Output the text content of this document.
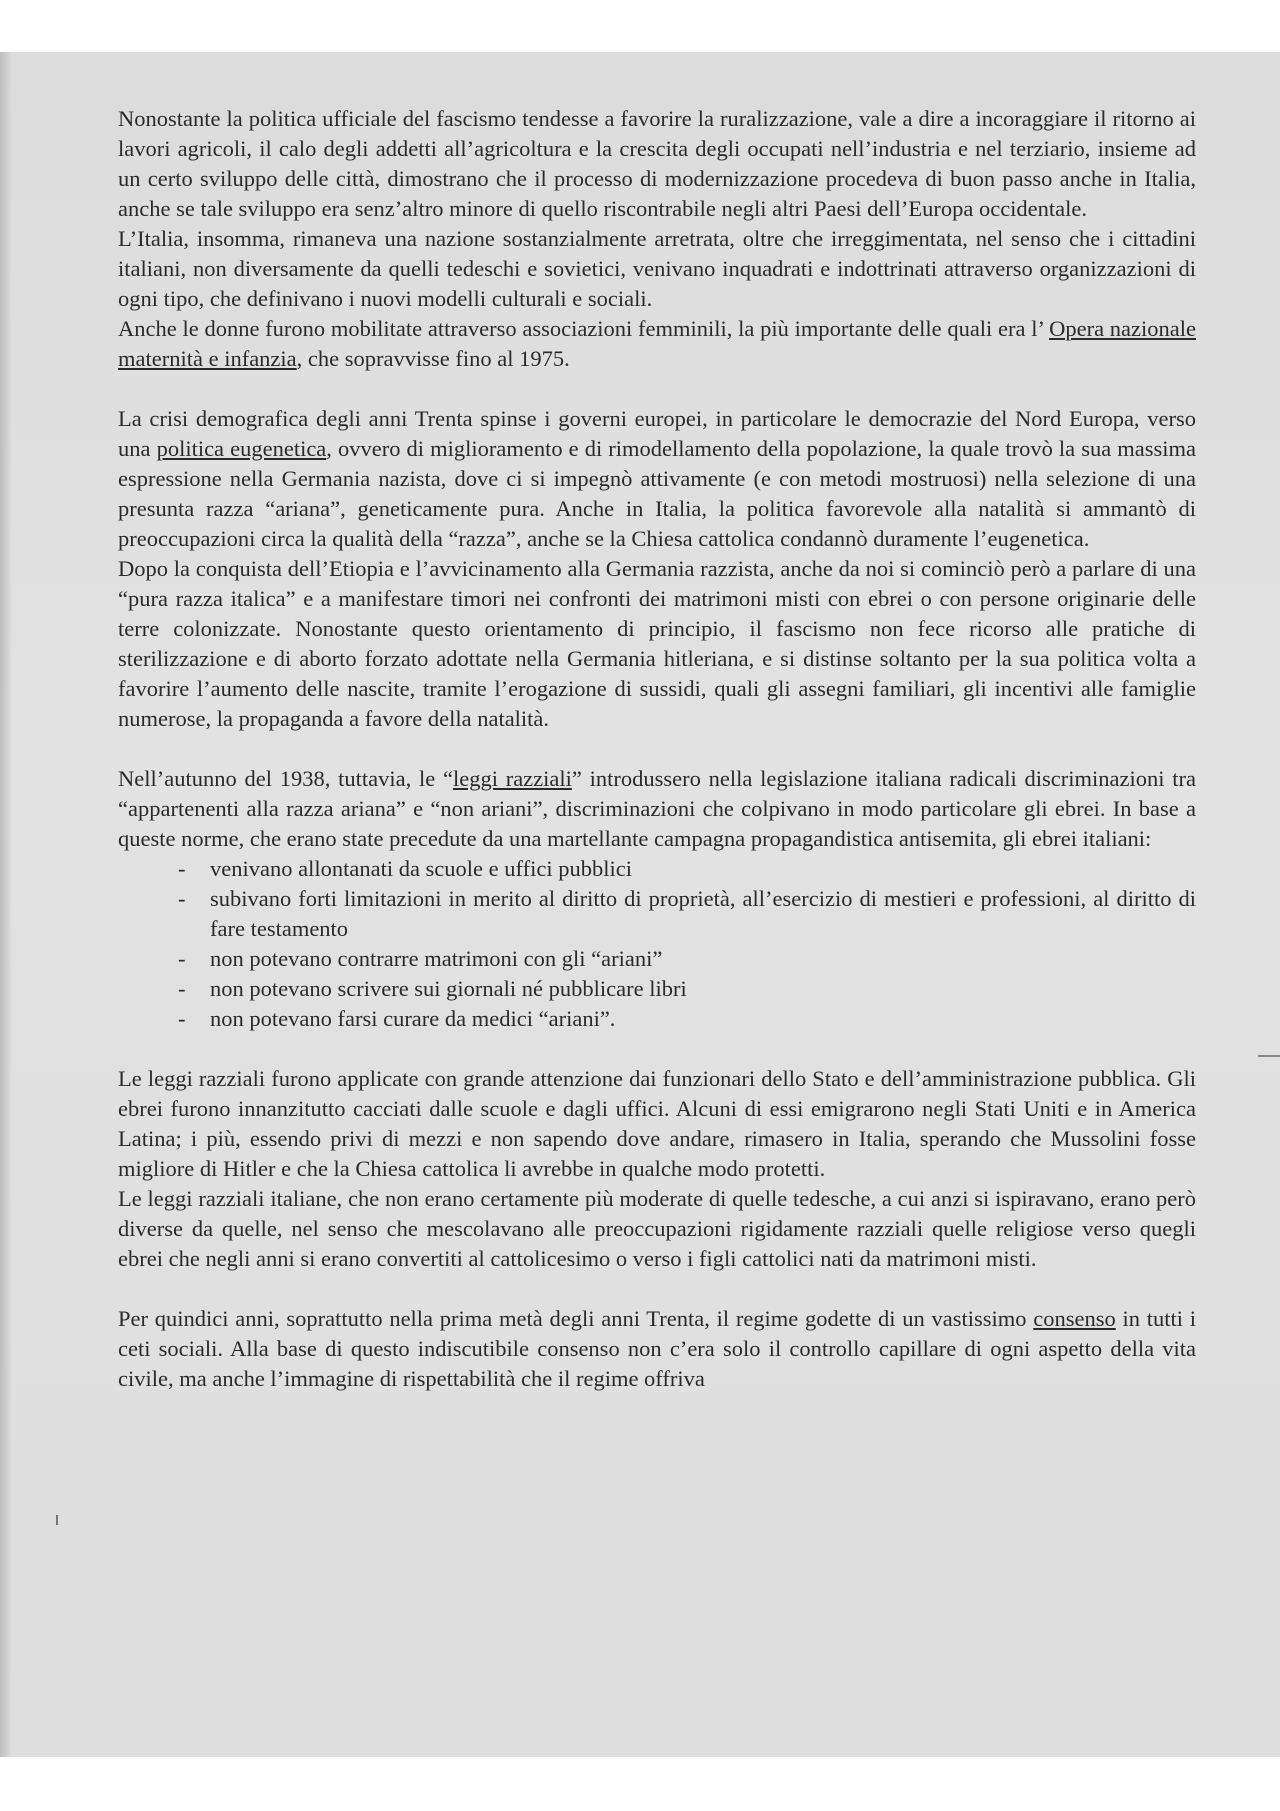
Nonostante la politica ufficiale del fascismo tendesse a favorire la ruralizzazione, vale a dire a incoraggiare il ritorno ai lavori agricoli, il calo degli addetti all’agricoltura e la crescita degli occupati nell’industria e nel terziario, insieme ad un certo sviluppo delle città, dimostrano che il processo di modernizzazione procedeva di buon passo anche in Italia, anche se tale sviluppo era senz’altro minore di quello riscontrabile negli altri Paesi dell’Europa occidentale.

L’Italia, insomma, rimaneva una nazione sostanzialmente arretrata, oltre che irreggimentata, nel senso che i cittadini italiani, non diversamente da quelli tedeschi e sovietici, venivano inquadrati e indottrinati attraverso organizzazioni di ogni tipo, che definivano i nuovi modelli culturali e sociali.

Anche le donne furono mobilitate attraverso associazioni femminili, la più importante delle quali era l’ Opera nazionale maternità e infanzia, che sopravvisse fino al 1975.

La crisi demografica degli anni Trenta spinse i governi europei, in particolare le democrazie del Nord Europa, verso una politica eugenetica, ovvero di miglioramento e di rimodellamento della popolazione, la quale trovò la sua massima espressione nella Germania nazista, dove ci si impegnò attivamente (e con metodi mostruosi) nella selezione di una presunta razza “ariana”, geneticamente pura. Anche in Italia, la politica favorevole alla natalità si ammantò di preoccupazioni circa la qualità della “razza”, anche se la Chiesa cattolica condannò duramente l’eugenetica.

Dopo la conquista dell’Etiopia e l’avvicinamento alla Germania razzista, anche da noi si cominciò però a parlare di una “pura razza italica” e a manifestare timori nei confronti dei matrimoni misti con ebrei o con persone originarie delle terre colonizzate. Nonostante questo orientamento di principio, il fascismo non fece ricorso alle pratiche di sterilizzazione e di aborto forzato adottate nella Germania hitleriana, e si distinse soltanto per la sua politica volta a favorire l’aumento delle nascite, tramite l’erogazione di sussidi, quali gli assegni familiari, gli incentivi alle famiglie numerose, la propaganda a favore della natalità.

Nell’autunno del 1938, tuttavia, le “leggi razziali” introdussero nella legislazione italiana radicali discriminazioni tra “appartenenti alla razza ariana” e “non ariani”, discriminazioni che colpivano in modo particolare gli ebrei. In base a queste norme, che erano state precedute da una martellante campagna propagandistica antisemita, gli ebrei italiani:

- venivano allontanati da scuole e uffici pubblici
- subivano forti limitazioni in merito al diritto di proprietà, all’esercizio di mestieri e professioni, al diritto di fare testamento
- non potevano contrarre matrimoni con gli “ariani”
- non potevano scrivere sui giornali né pubblicare libri
- non potevano farsi curare da medici “ariani”.

Le leggi razziali furono applicate con grande attenzione dai funzionari dello Stato e dell’amministrazione pubblica. Gli ebrei furono innanzitutto cacciati dalle scuole e dagli uffici. Alcuni di essi emigrarono negli Stati Uniti e in America Latina; i più, essendo privi di mezzi e non sapendo dove andare, rimasero in Italia, sperando che Mussolini fosse migliore di Hitler e che la Chiesa cattolica li avrebbe in qualche modo protetti.

Le leggi razziali italiane, che non erano certamente più moderate di quelle tedesche, a cui anzi si ispiravano, erano però diverse da quelle, nel senso che mescolavano alle preoccupazioni rigidamente razziali quelle religiose verso quegli ebrei che negli anni si erano convertiti al cattolicesimo o verso i figli cattolici nati da matrimoni misti.

Per quindici anni, soprattutto nella prima metà degli anni Trenta, il regime godette di un vastissimo consenso in tutti i ceti sociali. Alla base di questo indiscutibile consenso non c’era solo il controllo capillare di ogni aspetto della vita civile, ma anche l’immagine di rispettabilità che il regime offriva
